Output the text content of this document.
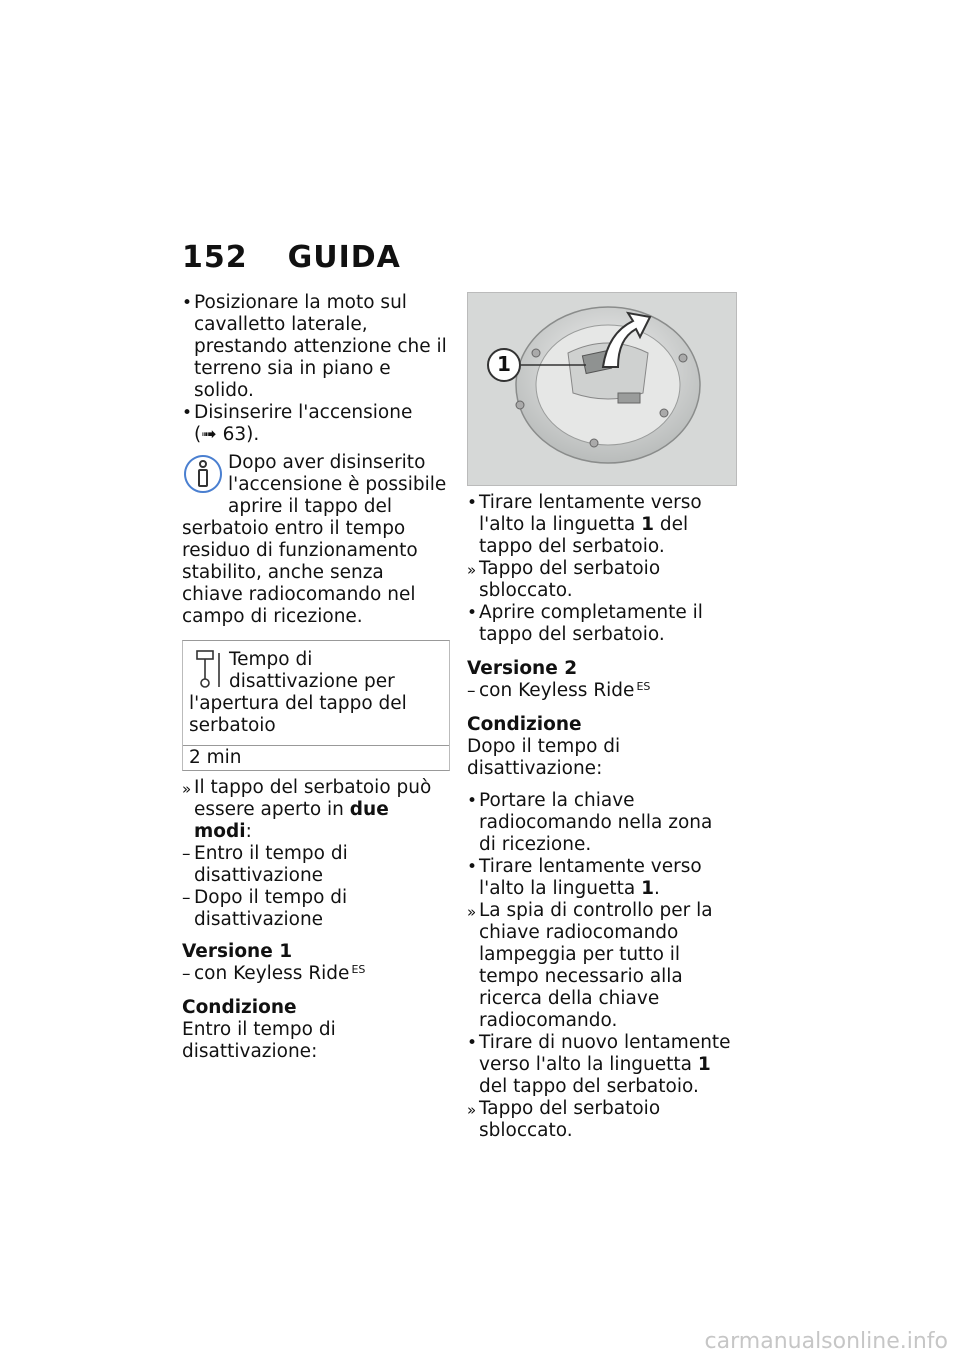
152 GUIDA

• Posizionare la moto sul cavalletto laterale, prestando attenzione che il terreno sia in piano e solido.

• Disinserire l'accensione
(➟ 63).

Dopo aver disinserito l'accensione è possibile aprire il tappo del serbatoio entro il tempo residuo di funzionamento stabilito, anche senza chiave radiocomando nel campo di ricezione.
Tempo di disattivazione per l'apertura del tappo del serbatoio
2 min

» Il tappo del serbatoio può essere aperto in due modi:

– Entro il tempo di disattivazione

– Dopo il tempo di disattivazione

Versione 1

– con Keyless Ride $^{ES}$

Condizione
Entro il tempo di disattivazione:
1

• Tirare lentamente verso l'alto la linguetta 1 del tappo del serbatoio.

» Tappo del serbatoio sbloccato.

• Aprire completamente il tappo del serbatoio.

Versione 2

– con Keyless Ride $^{ES}$

Condizione
Dopo il tempo di disattivazione:

• Portare la chiave radiocomando nella zona di ricezione.

• Tirare lentamente verso l'alto la linguetta 1.

» La spia di controllo per la chiave radiocomando lampeggia per tutto il tempo necessario alla ricerca della chiave radiocomando.

• Tirare di nuovo lentamente verso l'alto la linguetta 1 del tappo del serbatoio.

» Tappo del serbatoio sbloccato.

carmanualsonline.info
